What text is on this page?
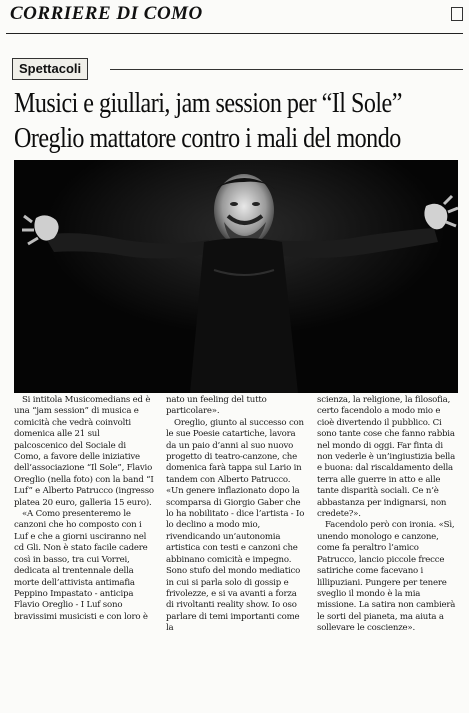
CORRIERE DI COMO
Spettacoli
Musici e giullari, jam session per “Il Sole”
Oreglio mattatore contro i mali del mondo

Si intitola Musicomedians ed è una “jam session” di musica e comicità che vedrà coinvolti domenica alle 21 sul palcoscenico del Sociale di Como, a favore delle iniziative dell’associazione “Il Sole”, Flavio Oreglio (nella foto) con la band “I Luf” e Alberto Patrucco (ingresso platea 20 euro, galleria 15 euro).

«A Como presenteremo le canzoni che ho composto con i Luf e che a giorni usciranno nel cd Gli. Non è stato facile cadere così in basso, tra cui Vorrei, dedicata al trentennale della morte dell’attivista antimafia Peppino Impastato - anticipa Flavio Oreglio - I Luf sono bravissimi musicisti e con loro è

nato un feeling del tutto particolare».

Oreglio, giunto al successo con le sue Poesie catartiche, lavora da un paio d’anni al suo nuovo progetto di teatro-canzone, che domenica farà tappa sul Lario in tandem con Alberto Patrucco. «Un genere inflazionato dopo la scomparsa di Giorgio Gaber che lo ha nobilitato - dice l’artista - Io lo declino a modo mio, rivendicando un’autonomia artistica con testi e canzoni che abbinano comicità e impegno. Sono stufo del mondo mediatico in cui si parla solo di gossip e frivolezze, e si va avanti a forza di rivoltanti reality show. Io oso parlare di temi importanti come la

scienza, la religione, la filosofia, certo facendolo a modo mio e cioè divertendo il pubblico. Ci sono tante cose che fanno rabbia nel mondo di oggi. Far finta di non vederle è un’ingiustizia bella e buona: dal riscaldamento della terra alle guerre in atto e alle tante disparità sociali. Ce n’è abbastanza per indignarsi, non credete?».

Facendolo però con ironia. «Sì, unendo monologo e canzone, come fa peraltro l’amico Patrucco, lancio piccole frecce satiriche come facevano i lillipuziani. Pungere per tenere sveglio il mondo è la mia missione. La satira non cambierà le sorti del pianeta, ma aiuta a sollevare le coscienze».
